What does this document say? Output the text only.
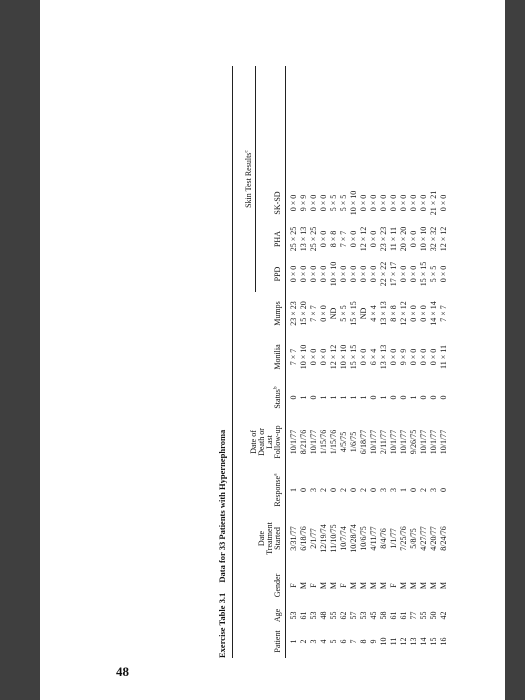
48
Exercise Table 3.1 Data for 33 Patients with Hypernephroma
Skin Test Results$^c$
Patient
Age
Gender
Date Treatment Started
Response$^a$
Date of Death or Last Follow-up
Status$^b$
Monilia
Mumps
PPD
PHA
SK-SD
1 2 3 4 5 6 7 8 9 10 11 12 13 14 15 16
53 61 53 48 55 62 57 53 45 58 61 61 77 55 50 42
F M F M M F M M M M F M M M M M
3/31/77 6/18/76 2/1/77 12/19/74 11/10/75 10/7/74 10/28/74 10/6/75 4/11/77 8/4/76 1/1/77 7/25/76 5/8/75 4/27/77 4/20/77 8/24/76
1 0 3 2 0 2 0 2 0 3 3 1 0 2 3 0
10/1/77 8/21/76 10/1/77 1/15/76 1/15/76 4/5/75 1/6/75 6/18/77 10/1/77 2/11/77 10/1/77 10/1/77 9/26/75 10/1/77 10/1/77 10/1/77
0 1 0 1 1 1 1 1 0 1 0 0 1 0 0 0
7 × 7 10 × 10 0 × 0 0 × 0 12 × 12 10 × 10 15 × 15 0 × 0 6 × 4 13 × 13 0 × 0 9 × 9 0 × 0 0 × 0 0 × 0 11 × 11
23 × 23 15 × 20 7 × 7 0 × 0 ND 5 × 5 15 × 15 ND 4 × 4 13 × 13 8 × 8 12 × 12 0 × 0 0 × 0 14 × 14 7 × 7
0 × 0 0 × 0 0 × 0 0 × 0 10 × 10 0 × 0 0 × 0 0 × 0 0 × 0 22 × 22 17 × 17 0 × 0 0 × 0 15 × 15 5 × 5 0 × 0
25 × 25 13 × 13 25 × 25 0 × 0 8 × 8 7 × 7 0 × 0 12 × 12 0 × 0 23 × 23 11 × 11 20 × 20 0 × 0 10 × 10 32 × 32 12 × 12
0 × 0 9 × 9 0 × 0 0 × 0 5 × 5 5 × 5 10 × 10 0 × 0 0 × 0 0 × 0 0 × 0 0 × 0 0 × 0 0 × 0 21 × 21 0 × 0
